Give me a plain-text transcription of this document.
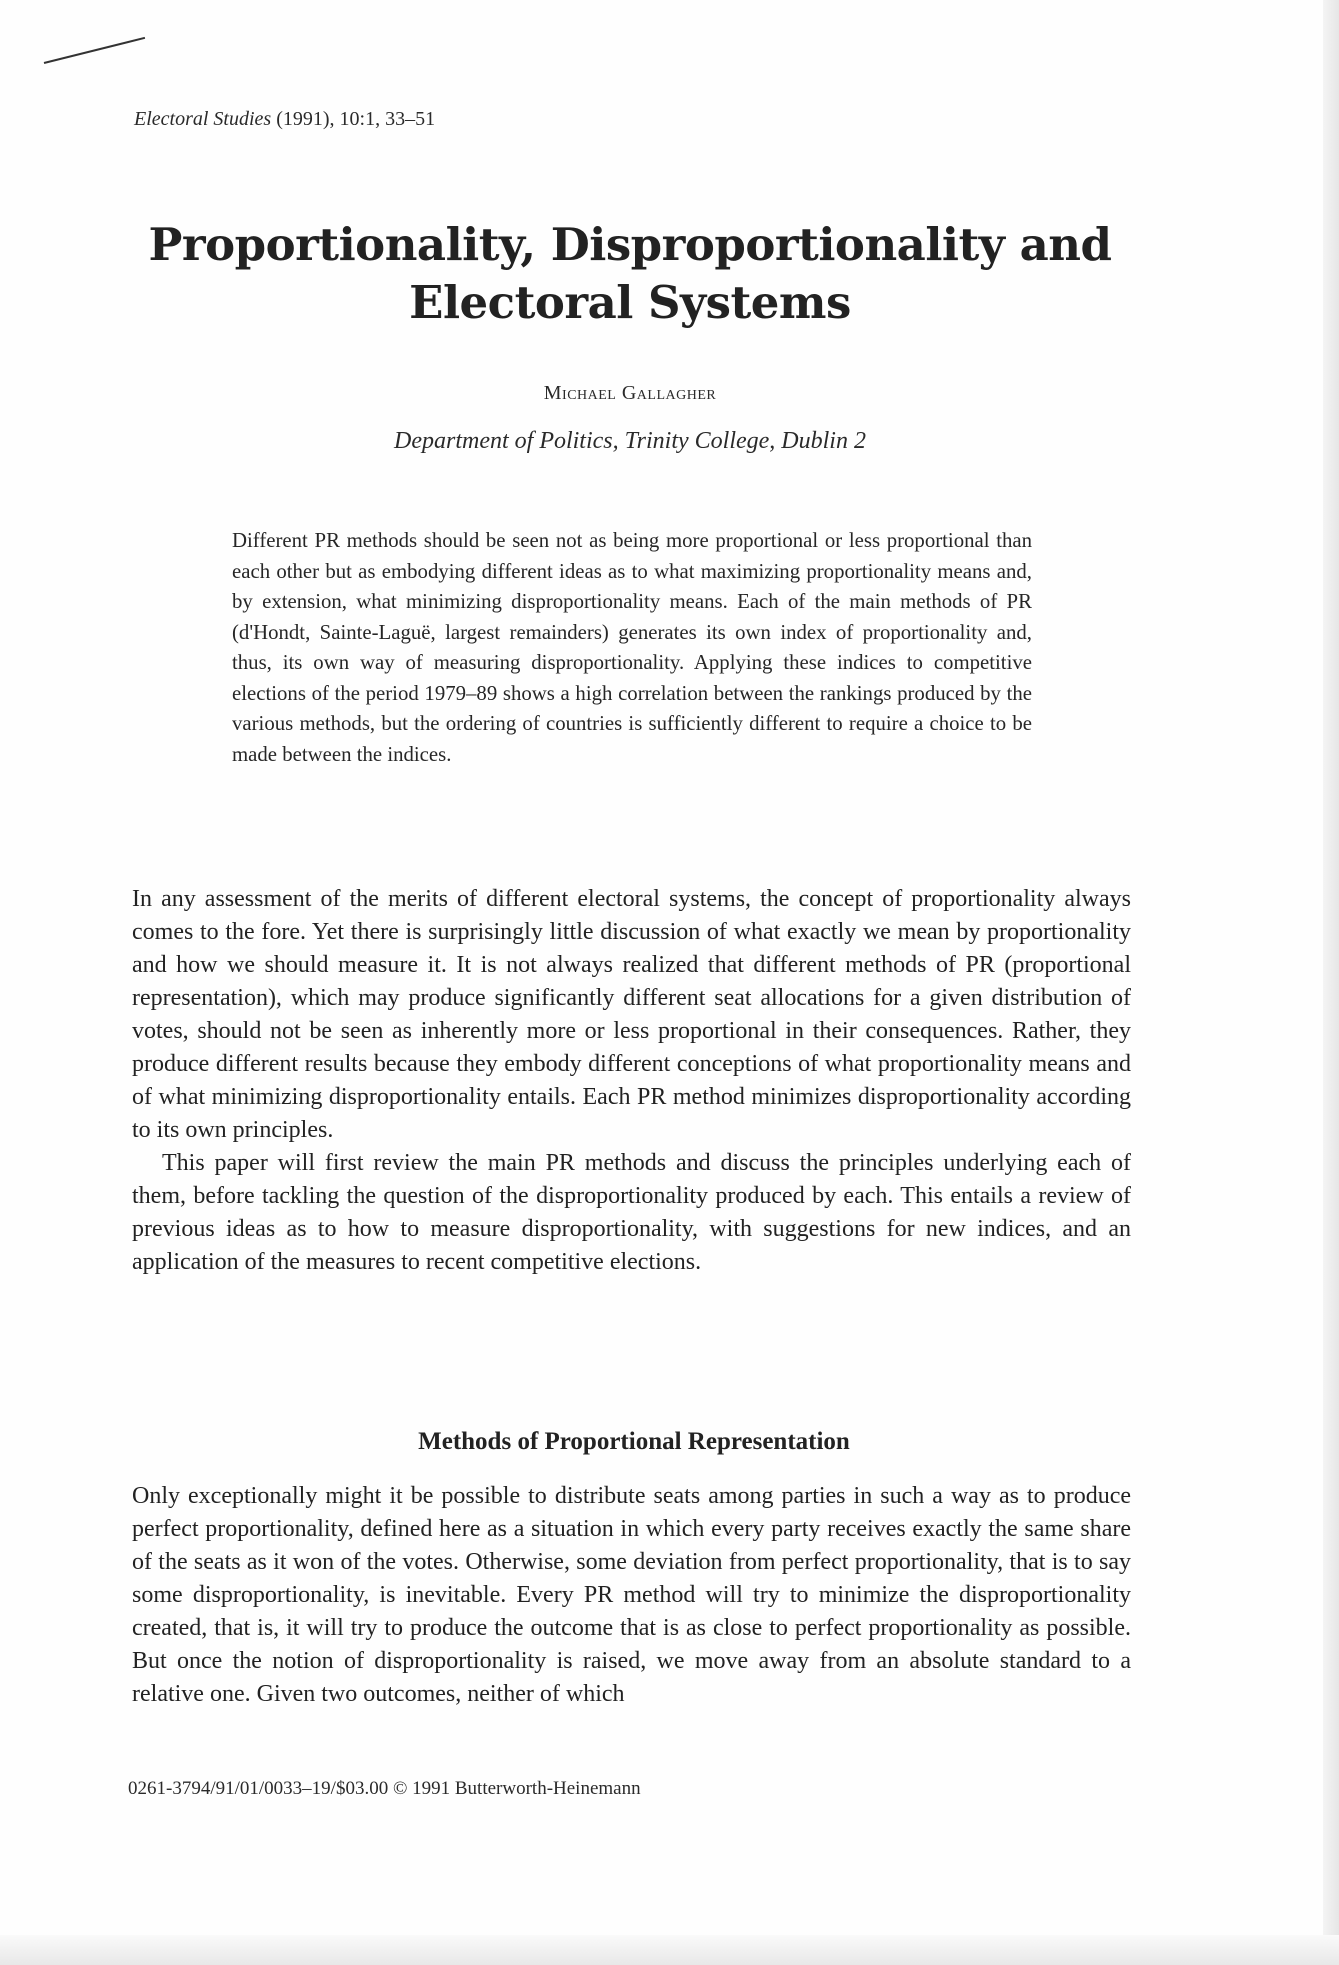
Electoral Studies (1991), 10:1, 33–51
Proportionality, Disproportionality and Electoral Systems
Michael Gallagher
Department of Politics, Trinity College, Dublin 2

Different PR methods should be seen not as being more proportional or less proportional than each other but as embodying different ideas as to what maximizing proportionality means and, by extension, what minimizing disproportionality means. Each of the main methods of PR (d'Hondt, Sainte-Laguë, largest remainders) generates its own index of proportionality and, thus, its own way of measuring disproportionality. Applying these indices to competitive elections of the period 1979–89 shows a high correlation between the rankings produced by the various methods, but the ordering of countries is sufficiently different to require a choice to be made between the indices.

In any assessment of the merits of different electoral systems, the concept of proportionality always comes to the fore. Yet there is surprisingly little discussion of what exactly we mean by proportionality and how we should measure it. It is not always realized that different methods of PR (proportional representation), which may produce significantly different seat allocations for a given distribution of votes, should not be seen as inherently more or less proportional in their consequences. Rather, they produce different results because they embody different conceptions of what proportionality means and of what minimizing disproportionality entails. Each PR method minimizes disproportionality according to its own principles.

This paper will first review the main PR methods and discuss the principles underlying each of them, before tackling the question of the disproportionality produced by each. This entails a review of previous ideas as to how to measure disproportionality, with suggestions for new indices, and an application of the measures to recent competitive elections.

Methods of Proportional Representation

Only exceptionally might it be possible to distribute seats among parties in such a way as to produce perfect proportionality, defined here as a situation in which every party receives exactly the same share of the seats as it won of the votes. Otherwise, some deviation from perfect proportionality, that is to say some disproportionality, is inevitable. Every PR method will try to minimize the disproportionality created, that is, it will try to produce the outcome that is as close to perfect proportionality as possible. But once the notion of disproportionality is raised, we move away from an absolute standard to a relative one. Given two outcomes, neither of which

0261-3794/91/01/0033–19/$03.00 © 1991 Butterworth-Heinemann
